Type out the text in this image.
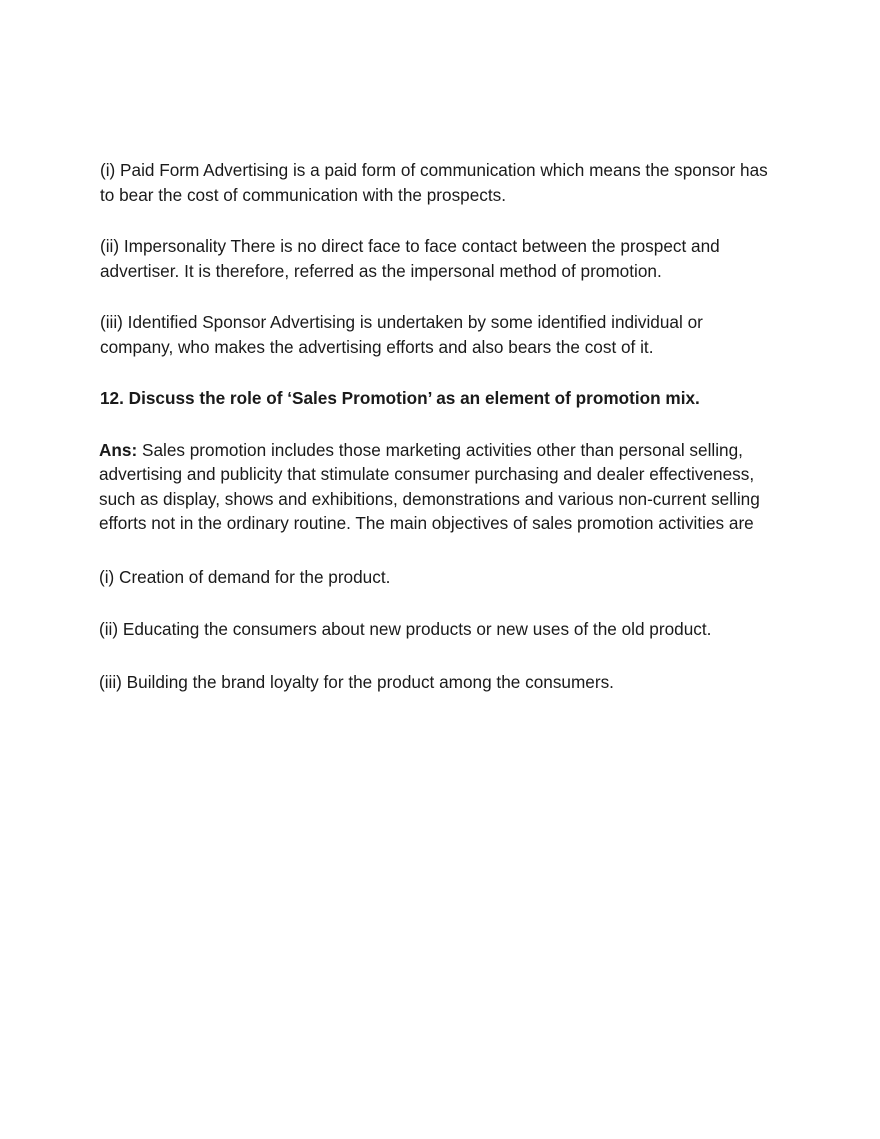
(i) Paid Form Advertising is a paid form of communication which means the sponsor has to bear the cost of communication with the prospects.

(ii) Impersonality There is no direct face to face contact between the prospect and advertiser. It is therefore, referred as the impersonal method of promotion.

(iii) Identified Sponsor Advertising is undertaken by some identified individual or company, who makes the advertising efforts and also bears the cost of it.

12. Discuss the role of ‘Sales Promotion’ as an element of promotion mix.

Ans: Sales promotion includes those marketing activities other than personal selling, advertising and publicity that stimulate consumer purchasing and dealer effectiveness, such as display, shows and exhibitions, demonstrations and various non-current selling efforts not in the ordinary routine. The main objectives of sales promotion activities are

(i) Creation of demand for the product.

(ii) Educating the consumers about new products or new uses of the old product.

(iii) Building the brand loyalty for the product among the consumers.
